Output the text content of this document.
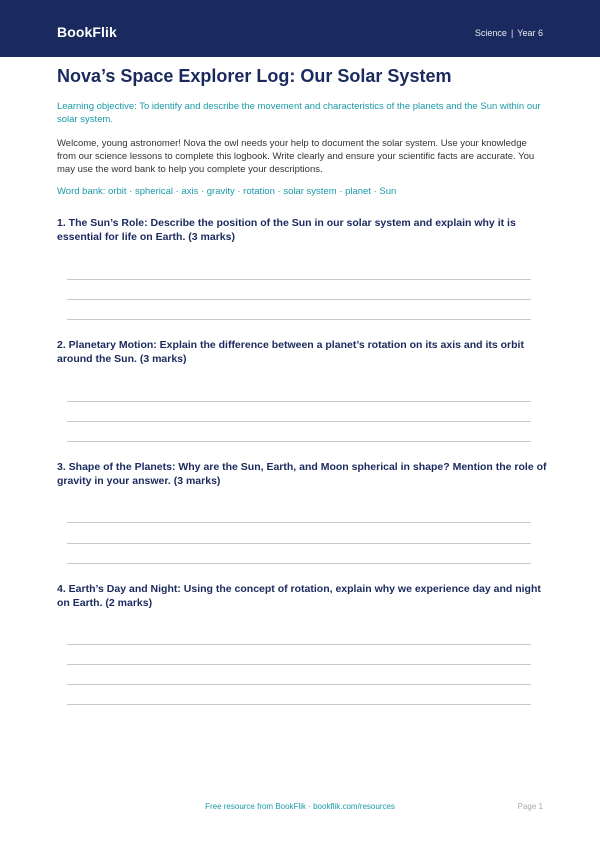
BookFlik	Science | Year 6
Nova’s Space Explorer Log: Our Solar System
Learning objective: To identify and describe the movement and characteristics of the planets and the Sun within our solar system.
Welcome, young astronomer! Nova the owl needs your help to document the solar system. Use your knowledge from our science lessons to complete this logbook. Write clearly and ensure your scientific facts are accurate. You may use the word bank to help you complete your descriptions.
Word bank: orbit · spherical · axis · gravity · rotation · solar system · planet · Sun
1. The Sun’s Role: Describe the position of the Sun in our solar system and explain why it is essential for life on Earth. (3 marks)
2. Planetary Motion: Explain the difference between a planet’s rotation on its axis and its orbit around the Sun. (3 marks)
3. Shape of the Planets: Why are the Sun, Earth, and Moon spherical in shape? Mention the role of gravity in your answer. (3 marks)
4. Earth’s Day and Night: Using the concept of rotation, explain why we experience day and night on Earth. (2 marks)
Free resource from BookFlik · bookflik.com/resources	Page 1
